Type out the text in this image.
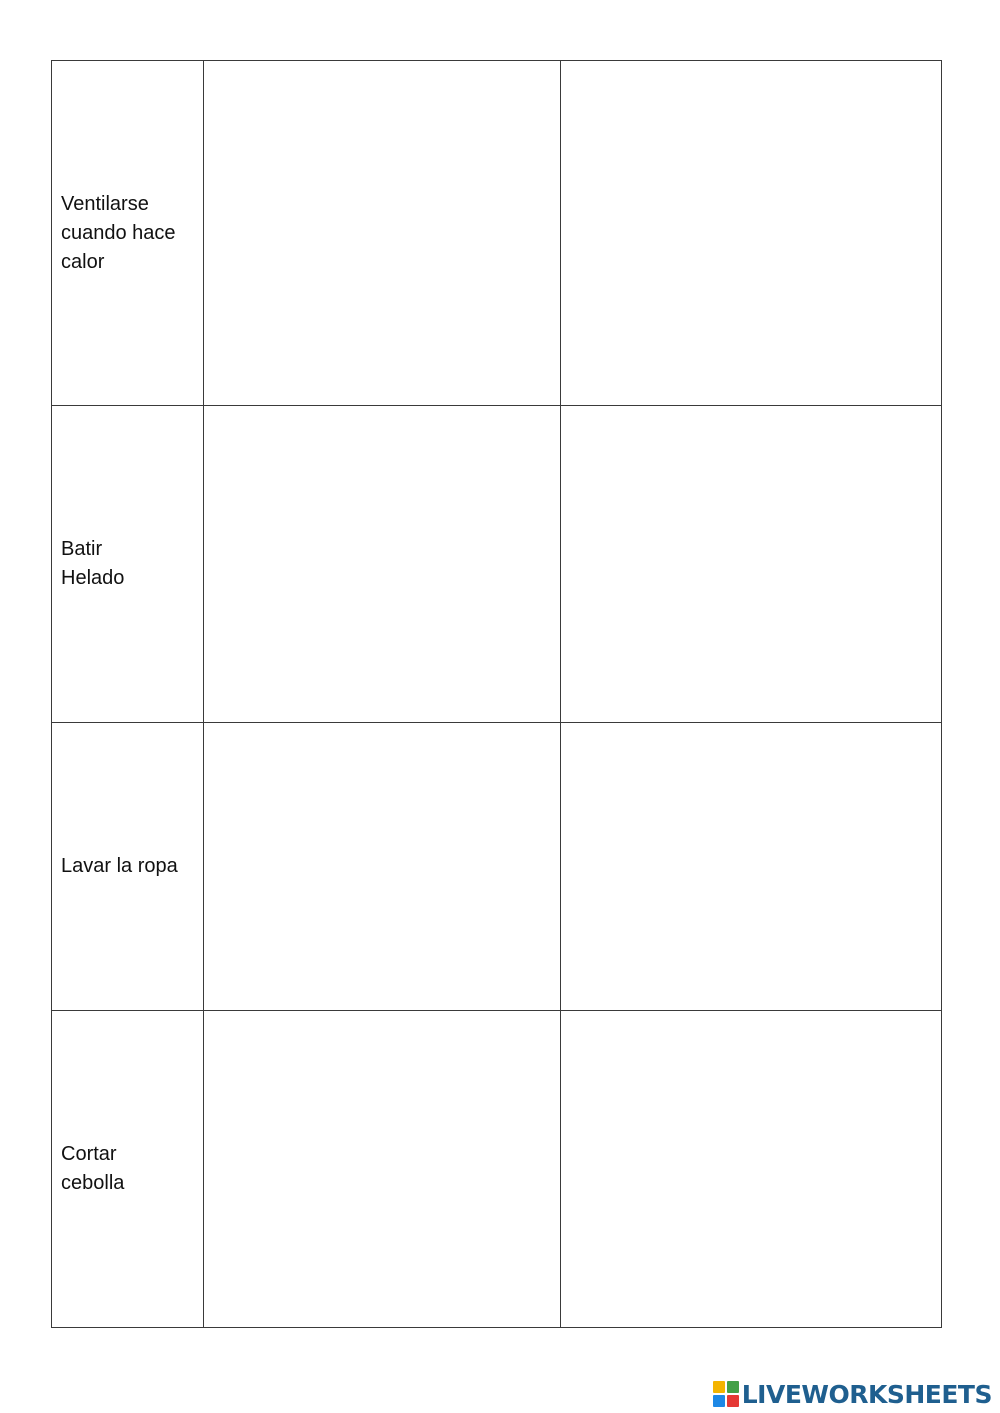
Ventilarse
cuando hace
calor		

Batir
Helado		

Lavar la ropa		

Cortar
cebolla		

LIVEWORKSHEETS
